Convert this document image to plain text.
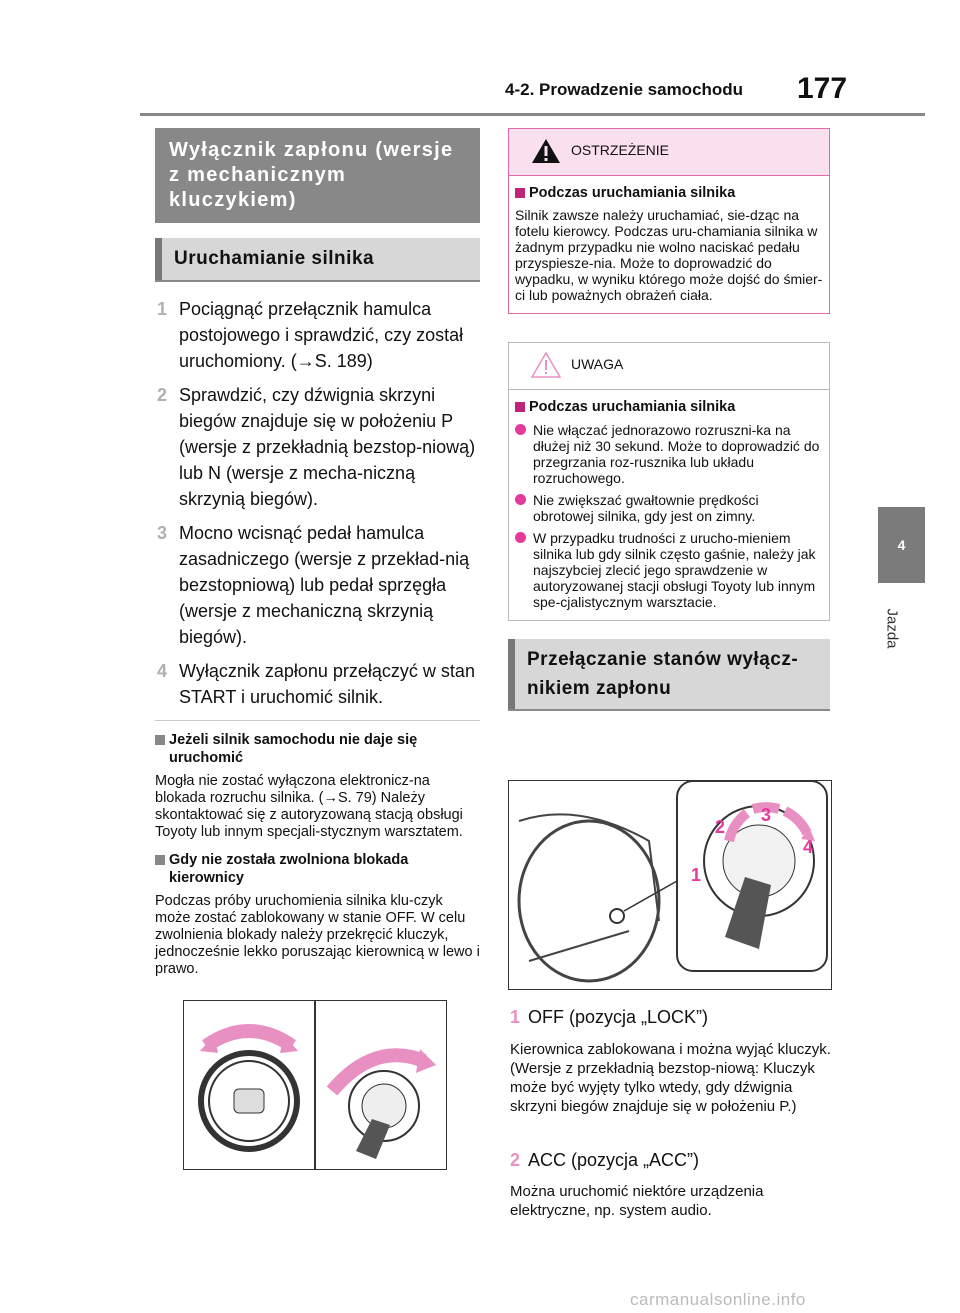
4-2. Prowadzenie samochodu 177
4
Jazda
Wyłącznik zapłonu (wersje z mechanicznym kluczykiem)
Uruchamianie silnika
1 Pociągnąć przełącznik hamulca postojowego i sprawdzić, czy został uruchomiony. (→S. 189)
2 Sprawdzić, czy dźwignia skrzyni biegów znajduje się w położeniu P (wersje z przekładnią bezstop-niową) lub N (wersje z mecha-niczną skrzynią biegów).
3 Mocno wcisnąć pedał hamulca zasadniczego (wersje z przekład-nią bezstopniową) lub pedał sprzęgła (wersje z mechaniczną skrzynią biegów).
4 Wyłącznik zapłonu przełączyć w stan START i uruchomić silnik.
Jeżeli silnik samochodu nie daje się uruchomić
Mogła nie zostać wyłączona elektronicz-na blokada rozruchu silnika. (→S. 79) Należy skontaktować się z autoryzowaną stacją obsługi Toyoty lub innym specjali-stycznym warsztatem.
Gdy nie została zwolniona blokada kierownicy
Podczas próby uruchomienia silnika klu-czyk może zostać zablokowany w stanie OFF. W celu zwolnienia blokady należy przekręcić kluczyk, jednocześnie lekko poruszając kierownicą w lewo i prawo.
OSTRZEŻENIE
Podczas uruchamiania silnika
Silnik zawsze należy uruchamiać, sie-dząc na fotelu kierowcy. Podczas uru-chamiania silnika w żadnym przypadku nie wolno naciskać pedału przyspiesze-nia. Może to doprowadzić do wypadku, w wyniku którego może dojść do śmier-ci lub poważnych obrażeń ciała.
UWAGA
Podczas uruchamiania silnika
Nie włączać jednorazowo rozruszni-ka na dłużej niż 30 sekund. Może to doprowadzić do przegrzania roz-rusznika lub układu rozruchowego.
Nie zwiększać gwałtownie prędkości obrotowej silnika, gdy jest on zimny.
W przypadku trudności z urucho-mieniem silnika lub gdy silnik często gaśnie, należy jak najszybciej zlecić jego sprawdzenie w autoryzowanej stacji obsługi Toyoty lub innym spe-cjalistycznym warsztacie.
Przełączanie stanów wyłącz-nikiem zapłonu
1
2
3
4
1 OFF (pozycja „LOCK”)
Kierownica zablokowana i można wyjąć kluczyk. (Wersje z przekładnią bezstop-niową: Kluczyk może być wyjęty tylko wtedy, gdy dźwignia skrzyni biegów znajduje się w położeniu P.)
2 ACC (pozycja „ACC”)
Można uruchomić niektóre urządzenia elektryczne, np. system audio.
carmanualsonline.info
